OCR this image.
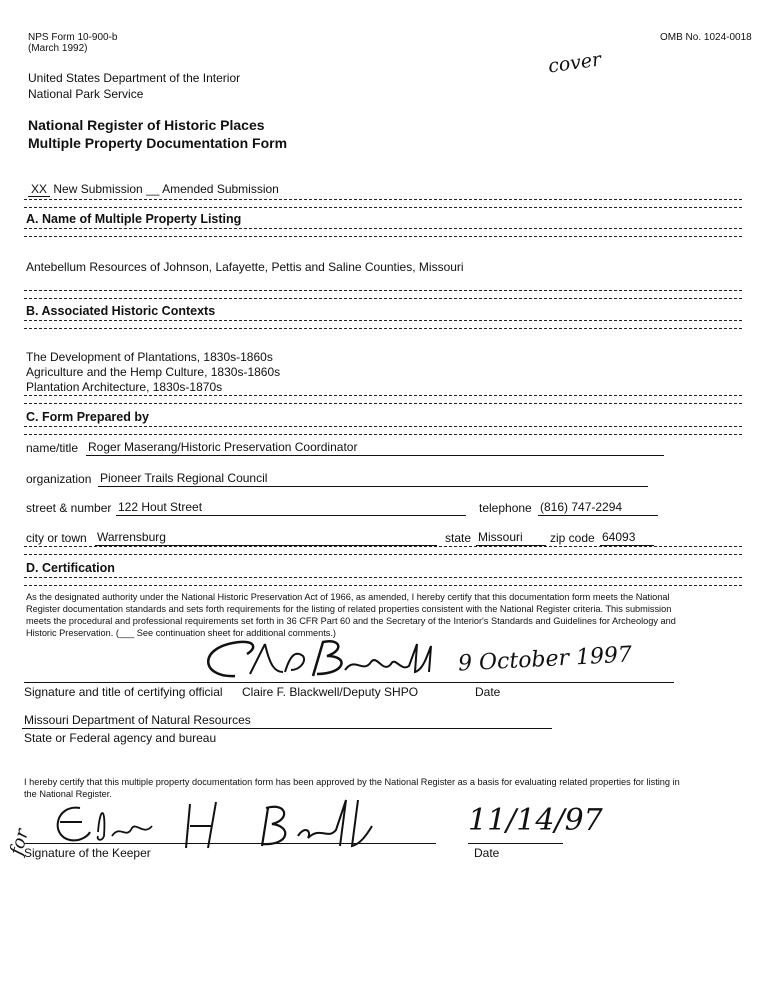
NPS Form 10-900-b
(March 1992)
OMB No. 1024-0018
cover
United States Department of the Interior
National Park Service
National Register of Historic Places
Multiple Property Documentation Form
XX New Submission __ Amended Submission
A. Name of Multiple Property Listing
Antebellum Resources of Johnson, Lafayette, Pettis and Saline Counties, Missouri
B. Associated Historic Contexts
The Development of Plantations, 1830s-1860s
Agriculture and the Hemp Culture, 1830s-1860s
Plantation Architecture, 1830s-1870s
C. Form Prepared by
name/title Roger Maserang/Historic Preservation Coordinator
organization Pioneer Trails Regional Council
street & number 122 Hout Street	telephone (816) 747-2294
city or town Warrensburg	state Missouri	zip code 64093
D. Certification
As the designated authority under the National Historic Preservation Act of 1966, as amended, I hereby certify that this documentation form meets the National
Register documentation standards and sets forth requirements for the listing of related properties consistent with the National Register criteria. This submission
meets the procedural and professional requirements set forth in 36 CFR Part 60 and the Secretary of the Interior's Standards and Guidelines for Archeology and
Historic Preservation. (___ See continuation sheet for additional comments.)
9 October 1997
Signature and title of certifying official Claire F. Blackwell/Deputy SHPO	Date
Missouri Department of Natural Resources
State or Federal agency and bureau
I hereby certify that this multiple property documentation form has been approved by the National Register as a basis for evaluating related properties for listing in
the National Register.
11/14/97
for
Signature of the Keeper	Date
